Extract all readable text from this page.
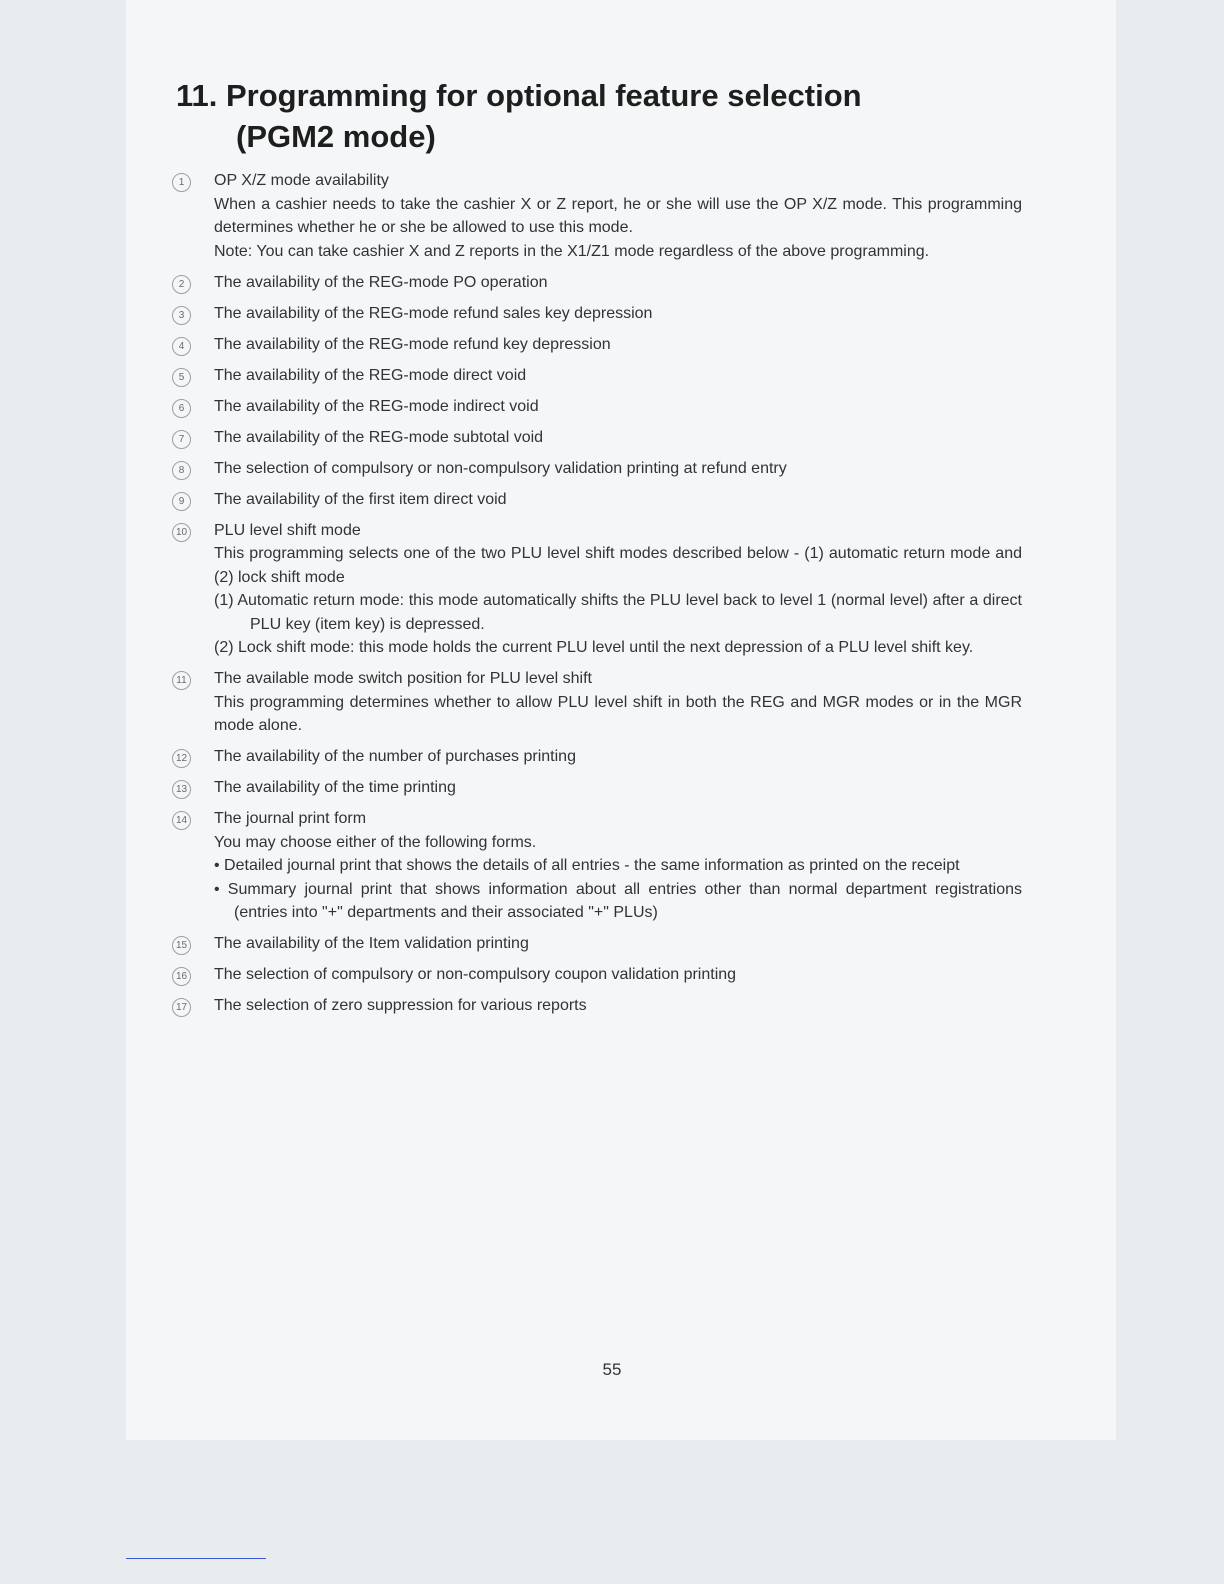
11. Programming for optional feature selection
(PGM2 mode)
1	OP X/Z mode availability
When a cashier needs to take the cashier X or Z report, he or she will use the OP X/Z mode. This programming determines whether he or she be allowed to use this mode.
Note: You can take cashier X and Z reports in the X1/Z1 mode regardless of the above programming.
2	The availability of the REG-mode PO operation
3	The availability of the REG-mode refund sales key depression
4	The availability of the REG-mode refund key depression
5	The availability of the REG-mode direct void
6	The availability of the REG-mode indirect void
7	The availability of the REG-mode subtotal void
8	The selection of compulsory or non-compulsory validation printing at refund entry
9	The availability of the first item direct void
10 PLU level shift mode
This programming selects one of the two PLU level shift modes described below - (1) automatic return mode and (2) lock shift mode
(1) Automatic return mode: this mode automatically shifts the PLU level back to level 1 (normal level) after a direct PLU key (item key) is depressed.
(2) Lock shift mode: this mode holds the current PLU level until the next depression of a PLU level shift key.
11 The available mode switch position for PLU level shift
This programming determines whether to allow PLU level shift in both the REG and MGR modes or in the MGR mode alone.
12 The availability of the number of purchases printing
13 The availability of the time printing
14 The journal print form
You may choose either of the following forms.
• Detailed journal print that shows the details of all entries - the same information as printed on the receipt
• Summary journal print that shows information about all entries other than normal department registrations (entries into "+" departments and their associated "+" PLUs)
15 The availability of the Item validation printing
16 The selection of compulsory or non-compulsory coupon validation printing
17 The selection of zero suppression for various reports
55
